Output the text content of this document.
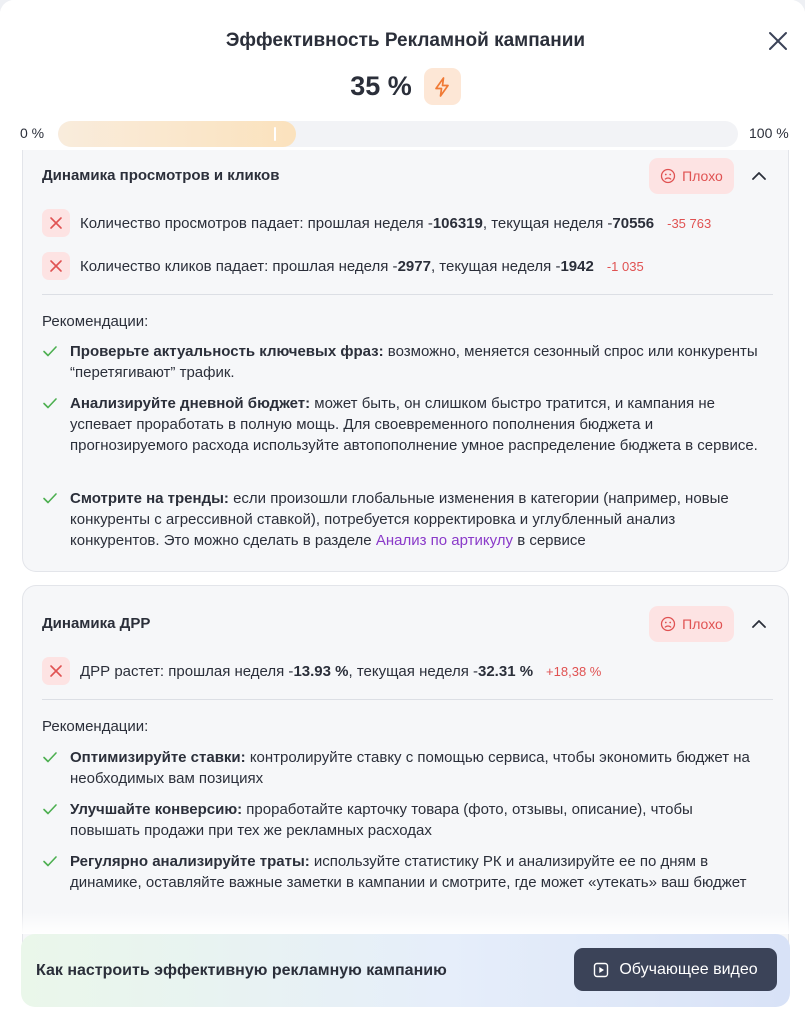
Эффективность Рекламной кампании
35 %
0 %	100 %
Динамика просмотров и кликов	Плохо
Количество просмотров падает: прошлая неделя - 106319 , текущая неделя - 70556 -35 763
Количество кликов падает: прошлая неделя - 2977 , текущая неделя - 1942 -1 035
Рекомендации:
Проверьте актуальность ключевых фраз: возможно, меняется сезонный спрос или конкуренты “перетягивают” трафик.
Анализируйте дневной бюджет: может быть, он слишком быстро тратится, и кампания не успевает проработать в полную мощь. Для своевременного пополнения бюджета и прогнозируемого расхода используйте автопополнение умное распределение бюджета в сервисе.
Смотрите на тренды: если произошли глобальные изменения в категории (например, новые конкуренты с агрессивной ставкой), потребуется корректировка и углубленный анализ конкурентов. Это можно сделать в разделе Анализ по артикулу в сервисе
Динамика ДРР	Плохо
ДРР растет: прошлая неделя - 13.93 % , текущая неделя - 32.31 % +18,38 %
Рекомендации:
Оптимизируйте ставки: контролируйте ставку с помощью сервиса, чтобы экономить бюджет на необходимых вам позициях
Улучшайте конверсию: проработайте карточку товара (фото, отзывы, описание), чтобы повышать продажи при тех же рекламных расходах
Регулярно анализируйте траты: используйте статистику РК и анализируйте ее по дням в динамике, оставляйте важные заметки в кампании и смотрите, где может «утекать» ваш бюджет
Как настроить эффективную рекламную кампанию	Обучающее видео
